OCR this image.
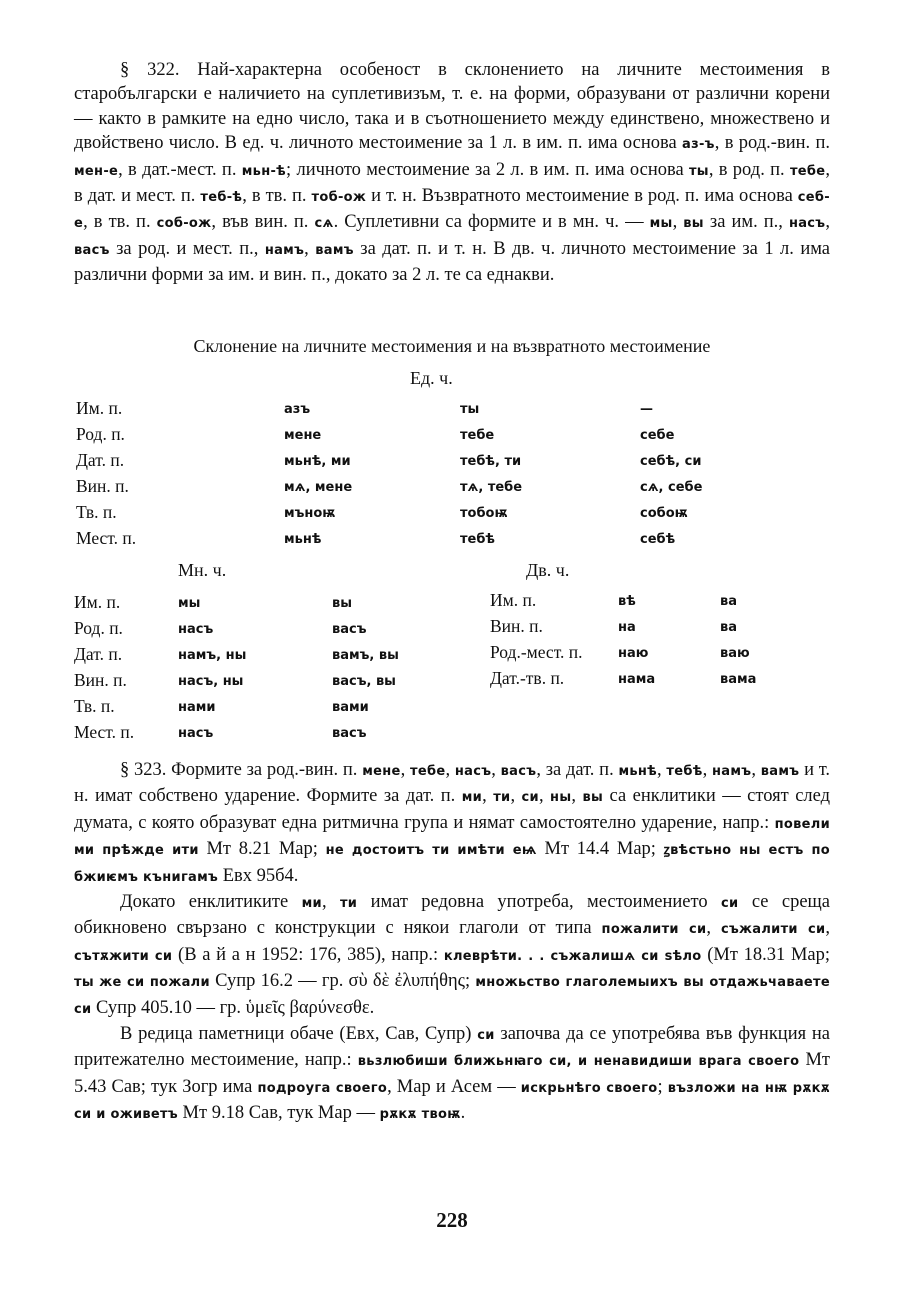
§ 322. Най-характерна особеност в склонението на личните местоимения в старобългарски е наличието на суплетивизъм, т. е. на форми, образувани от различни корени — както в рамките на едно число, така и в съотношението между единствено, множествено и двойствено число. В ед. ч. личното местоимение за 1 л. в им. п. има основа аз-ъ, в род.-вин. п. мен-е, в дат.-мест. п. мьн-ѣ; личното местоимение за 2 л. в им. п. има основа ты, в род. п. тебе, в дат. и мест. п. теб-ѣ, в тв. п. тоб-ож и т. н. Възвратното местоимение в род. п. има основа себ-е, в тв. п. соб-ож, във вин. п. сѧ. Суплетивни са формите и в мн. ч. — мы, вы за им. п., насъ, васъ за род. и мест. п., намъ, вамъ за дат. п. и т. н. В дв. ч. личното местоимение за 1 л. има различни форми за им. и вин. п., докато за 2 л. те са еднакви.

Склонение на личните местоимения и на възвратното местоимение
Ед. ч.
Им. п.	азъ	ты	—
Род. п.	мене	тебе	себе
Дат. п.	мьнѣ, ми	тебѣ, ти	себѣ, си
Вин. п.	мѧ, мене	тѧ, тебе	сѧ, себе
Тв. п.	мъноѭ	тобоѭ	собоѭ
Мест. п.	мьнѣ	тебѣ	себѣ
Мн. ч.
Им. п.	мы	вы
Род. п.	насъ	васъ
Дат. п.	намъ, ны	вамъ, вы
Вин. п.	насъ, ны	васъ, вы
Тв. п.	нами	вами
Мест. п.	насъ	васъ
Дв. ч.
Им. п.	вѣ	ва
Вин. п.	на	ва
Род.-мест. п.	наю	ваю
Дат.-тв. п.	нама	вама

§ 323. Формите за род.-вин. п. мене, тебе, насъ, васъ, за дат. п. мьнѣ, тебѣ, намъ, вамъ и т. н. имат собствено ударение. Формите за дат. п. ми, ти, си, ны, вы са енклитики — стоят след думата, с която образуват една ритмична група и нямат самостоятелно ударение, напр.: повели ми прѣжде ити Мт 8.21 Мар; не достоитъ ти имѣти еѩ Мт 14.4 Мар; ꙁвѣстьно ны естъ по бжиѥмъ кънигамъ Евх 95б4.

Докато енклитиките ми, ти имат редовна употреба, местоимението си се среща обикновено свързано с конструкции с някои глаголи от типа пожалити си, съжалити си, сътѫжити си (В а й а н 1952: 176, 385), напр.: клеврѣти. . . съжалишѧ си ѕѣло (Мт 18.31 Мар; ты же си пожали Супр 16.2 — гр. σὺ δὲ ἐλυπήθης; множьство глаголемыихъ вы отдажьчаваете си Супр 405.10 — гр. ὑμεῖς βαρύνεσθε.

В редица паметници обаче (Евх, Сав, Супр) си започва да се употребява във функция на притежателно местоимение, напр.: вьзлюбиши ближьнꙗго си, и ненавидиши врага своего Мт 5.43 Сав; тук Зогр има подроуга своего, Мар и Асем — искрьнѣго своего; възложи на нѭ рѫкѫ си и оживетъ Мт 9.18 Сав, тук Мар — рѫкѫ твоѭ.

228
